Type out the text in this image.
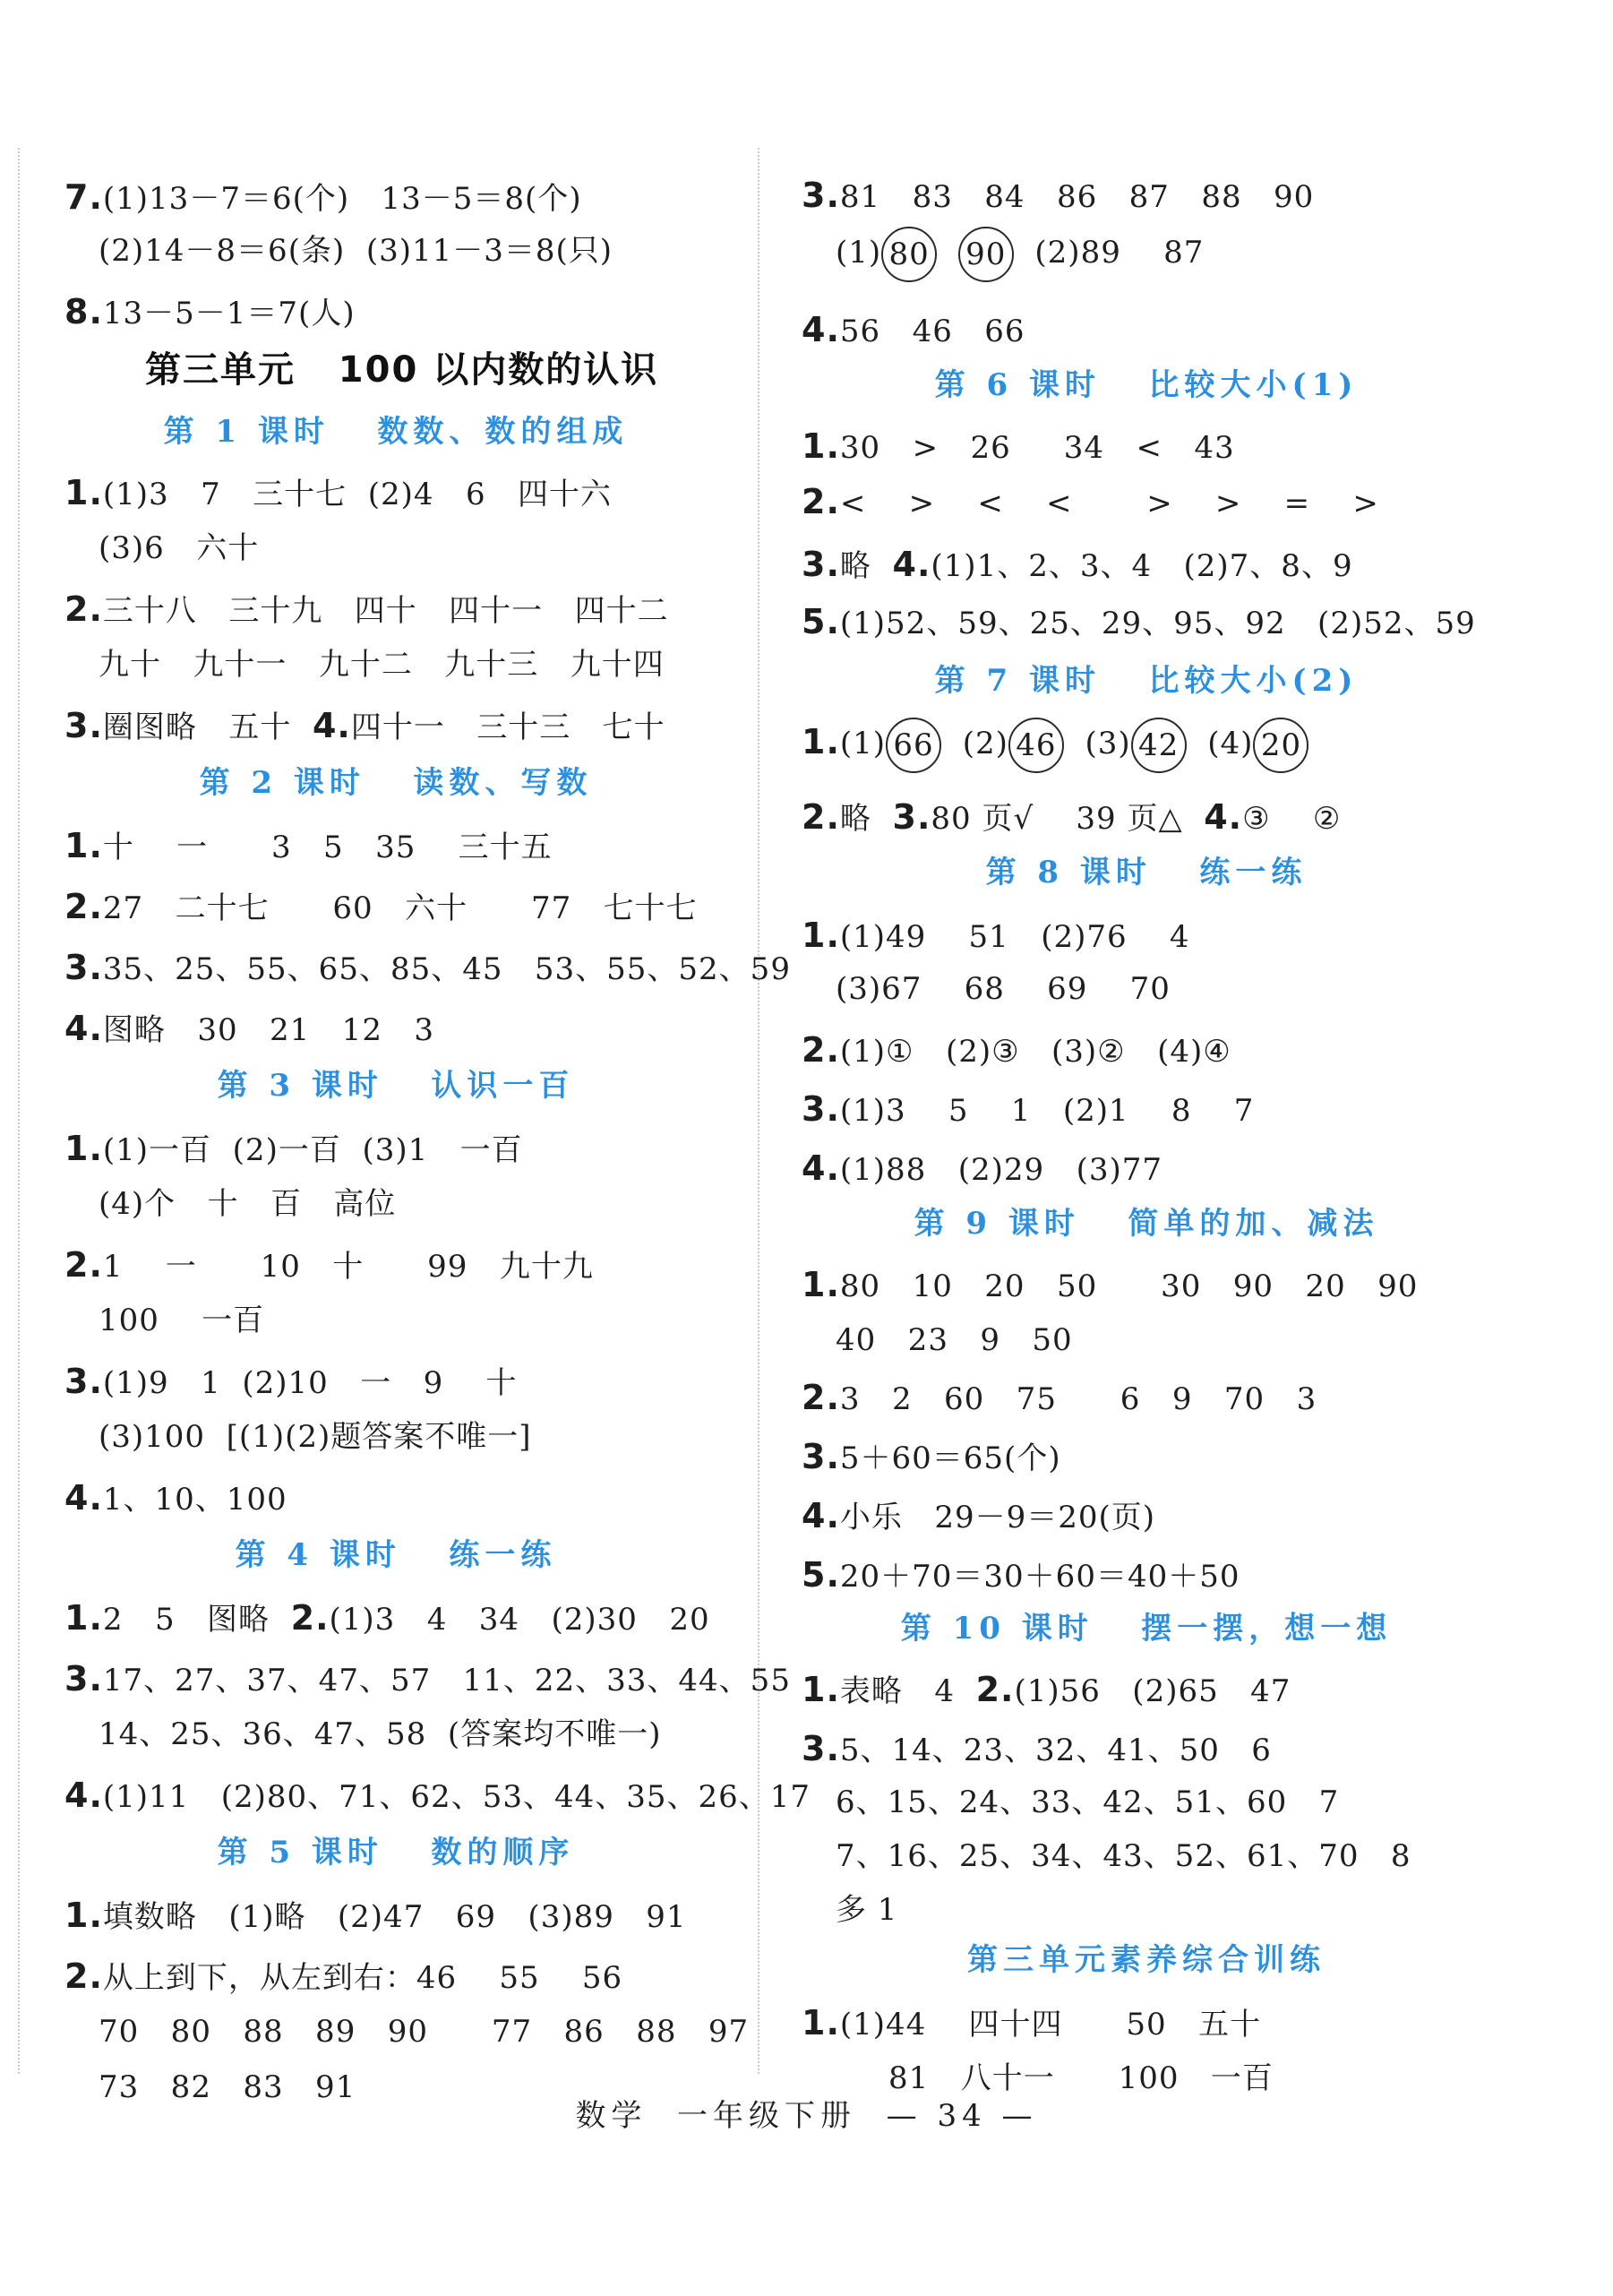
7.(1)13－7＝6(个)   13－5＝8(个)
(2)14－8＝6(条)  (3)11－3＝8(只)
8.13－5－1＝7(人)
第三单元   100 以内数的认识
第 1 课时   数数、数的组成
1.(1)3   7   三十七  (2)4   6   四十六
(3)6   六十
2.三十八   三十九   四十   四十一   四十二
九十   九十一   九十二   九十三   九十四
3.圈图略   五十  4.四十一   三十三   七十
第 2 课时   读数、写数
1.十    一      3   5   35    三十五
2.27   二十七      60   六十      77   七十七
3.35、25、55、65、85、45   53、55、52、59
4.图略   30   21   12   3
第 3 课时   认识一百
1.(1)一百  (2)一百  (3)1   一百
(4)个   十   百   高位
2.1    一      10   十      99   九十九
100    一百
3.(1)9   1  (2)10   一   9    十
(3)100  [(1)(2)题答案不唯一]
4.1、10、100
第 4 课时   练一练
1.2   5   图略  2.(1)3   4   34   (2)30   20
3.17、27、37、47、57   11、22、33、44、55
14、25、36、47、58  (答案均不唯一)
4.(1)11   (2)80、71、62、53、44、35、26、17
第 5 课时   数的顺序
1.填数略   (1)略   (2)47   69   (3)89   91
2.从上到下，从左到右：46    55    56
70   80   88   89   90      77   86   88   97
73   82   83   91
3.81   83   84   86   87   88   90
(1) 80 90  (2)89    87
4.56   46   66
第 6 课时   比较大小(1)
1.30   >   26     34   <   43
2.<    >    <    <       >    >    =    >
3.略  4.(1)1、2、3、4   (2)7、8、9
5.(1)52、59、25、29、95、92   (2)52、59
第 7 课时   比较大小(2)
1.(1) 66 (2) 46 (3) 42 (4) 20
2.略  3.80 页√    39 页△  4.③    ②
第 8 课时   练一练
1.(1)49    51   (2)76    4
(3)67    68    69    70
2.(1)①   (2)③   (3)②   (4)④
3.(1)3    5    1   (2)1    8    7
4.(1)88   (2)29   (3)77
第 9 课时   简单的加、减法
1.80   10   20   50      30   90   20   90
40   23   9   50
2.3   2   60   75      6   9   70   3
3.5＋60＝65(个)
4.小乐   29－9＝20(页)
5.20＋70＝30＋60＝40＋50
第 10 课时   摆一摆，想一想
1.表略   4  2.(1)56   (2)65   47
3.5、14、23、32、41、50   6
6、15、24、33、42、51、60   7
7、16、25、34、43、52、61、70   8
多 1
第三单元素养综合训练
1.(1)44    四十四      50   五十
81   八十一      100   一百
数学  一年级下册  — 34 —
